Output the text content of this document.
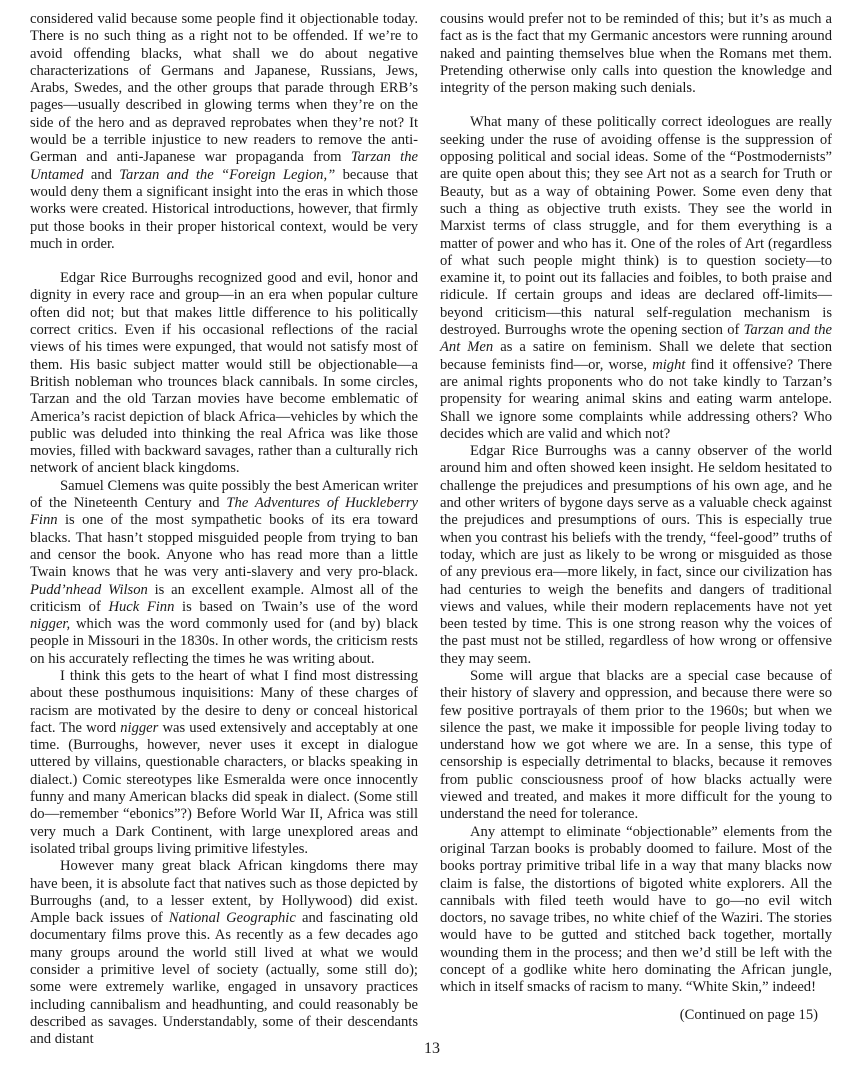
considered valid because some people find it objectionable today. There is no such thing as a right not to be offended. If we’re to avoid offending blacks, what shall we do about negative characterizations of Germans and Japanese, Russians, Jews, Arabs, Swedes, and the other groups that parade through ERB’s pages—usually described in glowing terms when they’re on the side of the hero and as depraved reprobates when they’re not? It would be a terrible injustice to new readers to remove the anti-German and anti-Japanese war propaganda from Tarzan the Untamed and Tarzan and the “Foreign Legion,” because that would deny them a significant insight into the eras in which those works were created. Historical introductions, however, that firmly put those books in their proper historical context, would be very much in order.

Edgar Rice Burroughs recognized good and evil, honor and dignity in every race and group—in an era when popular culture often did not; but that makes little difference to his politically correct critics. Even if his occasional reflections of the racial views of his times were expunged, that would not satisfy most of them. His basic subject matter would still be objectionable—a British nobleman who trounces black cannibals. In some circles, Tarzan and the old Tarzan movies have become emblematic of America’s racist depiction of black Africa—vehicles by which the public was deluded into thinking the real Africa was like those movies, filled with backward savages, rather than a culturally rich network of ancient black kingdoms.

Samuel Clemens was quite possibly the best American writer of the Nineteenth Century and The Adventures of Huckleberry Finn is one of the most sympathetic books of its era toward blacks. That hasn’t stopped misguided people from trying to ban and censor the book. Anyone who has read more than a little Twain knows that he was very anti-slavery and very pro-black. Pudd’nhead Wilson is an excellent example. Almost all of the criticism of Huck Finn is based on Twain’s use of the word nigger, which was the word commonly used for (and by) black people in Missouri in the 1830s. In other words, the criticism rests on his accurately reflecting the times he was writing about.

I think this gets to the heart of what I find most distressing about these posthumous inquisitions: Many of these charges of racism are motivated by the desire to deny or conceal historical fact. The word nigger was used extensively and acceptably at one time. (Burroughs, however, never uses it except in dialogue uttered by villains, questionable characters, or blacks speaking in dialect.) Comic stereotypes like Esmeralda were once innocently funny and many American blacks did speak in dialect. (Some still do—remember “ebonics”?) Before World War II, Africa was still very much a Dark Continent, with large unexplored areas and isolated tribal groups living primitive lifestyles.

However many great black African kingdoms there may have been, it is absolute fact that natives such as those depicted by Burroughs (and, to a lesser extent, by Hollywood) did exist. Ample back issues of National Geographic and fascinating old documentary films prove this. As recently as a few decades ago many groups around the world still lived at what we would consider a primitive level of society (actually, some still do); some were extremely warlike, engaged in unsavory practices including cannibalism and headhunting, and could reasonably be described as savages. Understandably, some of their descendants and distant

cousins would prefer not to be reminded of this; but it’s as much a fact as is the fact that my Germanic ancestors were running around naked and painting themselves blue when the Romans met them. Pretending otherwise only calls into question the knowledge and integrity of the person making such denials.

What many of these politically correct ideologues are really seeking under the ruse of avoiding offense is the suppression of opposing political and social ideas. Some of the “Postmodernists” are quite open about this; they see Art not as a search for Truth or Beauty, but as a way of obtaining Power. Some even deny that such a thing as objective truth exists. They see the world in Marxist terms of class struggle, and for them everything is a matter of power and who has it. One of the roles of Art (regardless of what such people might think) is to question society—to examine it, to point out its fallacies and foibles, to both praise and ridicule. If certain groups and ideas are declared off-limits—beyond criticism—this natural self-regulation mechanism is destroyed. Burroughs wrote the opening section of Tarzan and the Ant Men as a satire on feminism. Shall we delete that section because feminists find—or, worse, might find it offensive? There are animal rights proponents who do not take kindly to Tarzan’s propensity for wearing animal skins and eating warm antelope. Shall we ignore some complaints while addressing others? Who decides which are valid and which not?

Edgar Rice Burroughs was a canny observer of the world around him and often showed keen insight. He seldom hesitated to challenge the prejudices and presumptions of his own age, and he and other writers of bygone days serve as a valuable check against the prejudices and presumptions of ours. This is especially true when you contrast his beliefs with the trendy, “feel-good” truths of today, which are just as likely to be wrong or misguided as those of any previous era—more likely, in fact, since our civilization has had centuries to weigh the benefits and dangers of traditional views and values, while their modern replacements have not yet been tested by time. This is one strong reason why the voices of the past must not be stilled, regardless of how wrong or offensive they may seem.

Some will argue that blacks are a special case because of their history of slavery and oppression, and because there were so few positive portrayals of them prior to the 1960s; but when we silence the past, we make it impossible for people living today to understand how we got where we are. In a sense, this type of censorship is especially detrimental to blacks, because it removes from public consciousness proof of how blacks actually were viewed and treated, and makes it more difficult for the young to understand the need for tolerance.

Any attempt to eliminate “objectionable” elements from the original Tarzan books is probably doomed to failure. Most of the books portray primitive tribal life in a way that many blacks now claim is false, the distortions of bigoted white explorers. All the cannibals with filed teeth would have to go—no evil witch doctors, no savage tribes, no white chief of the Waziri. The stories would have to be gutted and stitched back together, mortally wounding them in the process; and then we’d still be left with the concept of a godlike white hero dominating the African jungle, which in itself smacks of racism to many. “White Skin,” indeed!

(Continued on page 15)

13
